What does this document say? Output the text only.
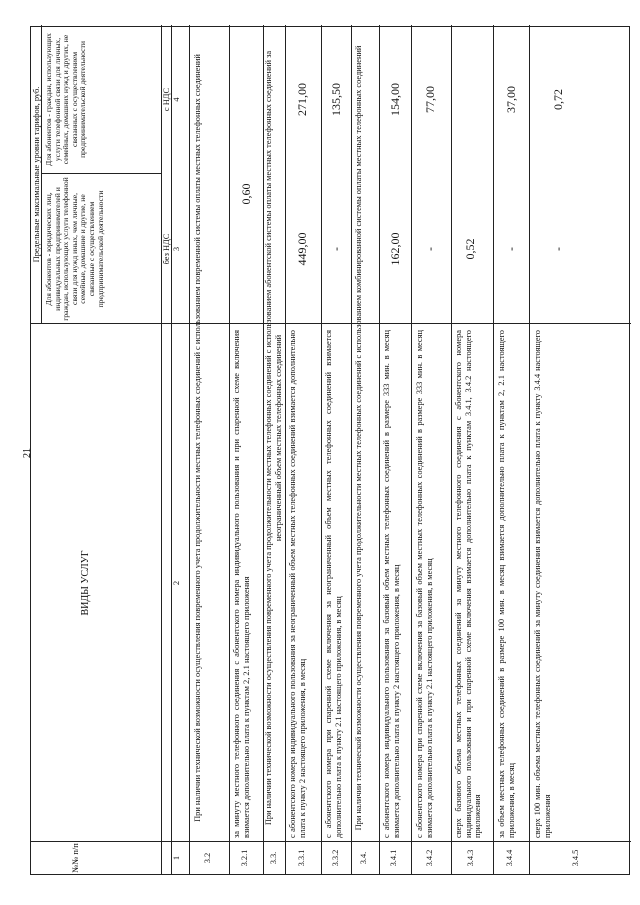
21
№№ п/п
ВИДЫ УСЛУГ
Предельные максимальные уровни тарифов, руб. Для абонентов - юридических лиц, индивидуальных предпринимателей и граждан, использующих услуги телефонной связи для нужд иных, чем личные, семейные, домашние и другие, не связанные с осуществлением предпринимательской деятельности
Для абонентов - граждан, использующих услуги телефонной связи для личных, семейных, домашних нужд и других, не связанных с осуществлением предпринимательской деятельности
без НДС
с НДС
1
2
3
4
3.2
При наличии технической возможности осуществления повременного учета продолжительности местных телефонных соединений с использованием повременной системы оплаты местных телефонных соединений
3.2.1
за минуту местного телефонного соединения с абонентского номера индивидуального пользования и при спаренной схеме включения взимается дополнительно плата к пунктам 2, 2.1 настоящего приложения
0,60
3.3.
При наличии технической возможности осуществления повременного учета продолжительности местных телефонных соединений с использованием абонентской системы оплаты местных телефонных соединений за неограниченный объем местных телефонных соединений
3.3.1
с абонентского номера индивидуального пользования за неограниченный объем местных телефонных соединений взимается дополнительно плата к пункту 2 настоящего приложения, в месяц
449,00
271,00
3.3.2
с абонентского номера при спаренной схеме включения за неограниченный объем местных телефонных соединений взимается дополнительно плата к пункту 2.1 настоящего приложения, в месяц
-
135,50
3.4.
При наличии технической возможности осуществления повременного учета продолжительности местных телефонных соединений с использованием комбинированной системы оплаты местных телефонных соединений
3.4.1
с абонентского номера индивидуального пользования за базовый объем местных телефонных соединений в размере 333 мин. в месяц взимается дополнительно плата к пункту 2 настоящего приложения, в месяц
162,00
154,00
3.4.2
с абонентского номера при спаренной схеме включения за базовый объем местных телефонных соединений в размере 333 мин. в месяц взимается дополнительно плата к пункту 2.1 настоящего приложения, в месяц
-
77,00
3.4.3
сверх базового объема местных телефонных соединений за минуту местного телефонного соединения с абонентского номера индивидуального пользования и при спаренной схеме включения взимается дополнительно плата к пунктам 3.4.1, 3.4.2 настоящего приложения
0,52
3.4.4
за объем местных телефонных соединений в размере 100 мин. в месяц взимается дополнительно плата к пунктам 2, 2.1 настоящего приложения, в месяц
-
37,00
3.4.5
сверх 100 мин. объема местных телефонных соединений за минуту соединения взимается дополнительно плата к пункту 3.4.4 настоящего приложения
-
0,72
